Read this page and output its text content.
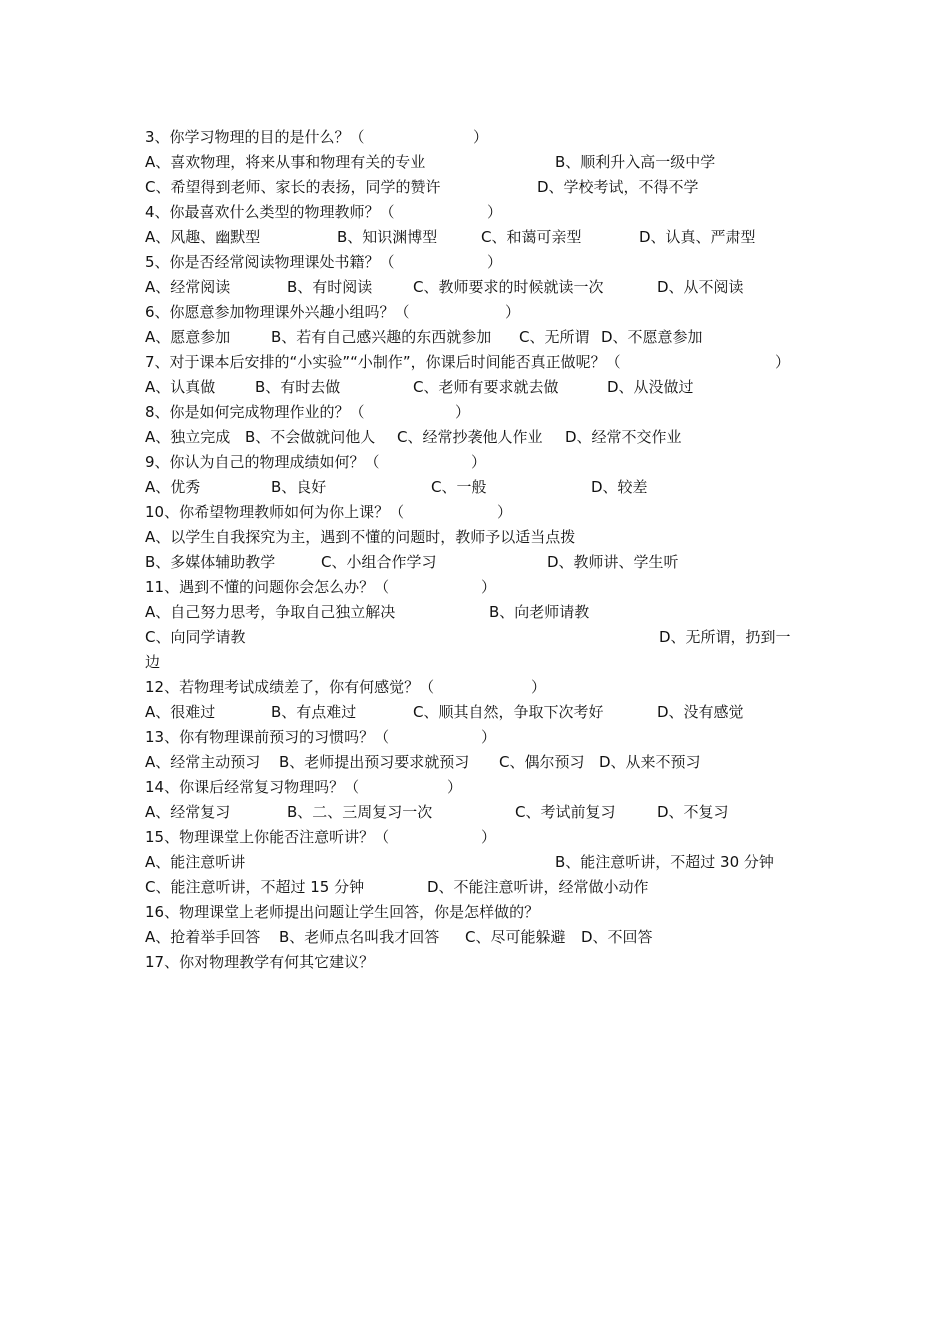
3、你学习物理的目的是什么？（	）
A、喜欢物理，将来从事和物理有关的专业	B、顺利升入高一级中学
C、希望得到老师、家长的表扬，同学的赞许	D、学校考试，不得不学
4、你最喜欢什么类型的物理教师？（	）
A、风趣、幽默型	B、知识渊博型	C、和蔼可亲型	D、认真、严肃型
5、你是否经常阅读物理课处书籍？（	）
A、经常阅读	B、有时阅读	C、教师要求的时候就读一次	D、从不阅读
6、你愿意参加物理课外兴趣小组吗？（	）
A、愿意参加	B、若有自己感兴趣的东西就参加 C、无所谓 D、不愿意参加
7、对于课本后安排的“小实验”“小制作”，你课后时间能否真正做呢？（	）
A、认真做	B、有时去做	C、老师有要求就去做	D、从没做过
8、你是如何完成物理作业的？（	）
A、独立完成 B、不会做就问他人 C、经常抄袭他人作业 D、经常不交作业
9、你认为自己的物理成绩如何？（	）
A、优秀	B、良好	C、一般	D、较差
10、你希望物理教师如何为你上课？（	）
A、以学生自我探究为主，遇到不懂的问题时，教师予以适当点拨
B、多媒体辅助教学	C、小组合作学习	D、教师讲、学生听
11、遇到不懂的问题你会怎么办？（	）
A、自己努力思考，争取自己独立解决	B、向老师请教
C、向同学请教	D、无所谓，扔到一
边
12、若物理考试成绩差了，你有何感觉？（	）
A、很难过	B、有点难过	C、顺其自然，争取下次考好	D、没有感觉
13、你有物理课前预习的习惯吗？（	）
A、经常主动预习 B、老师提出预习要求就预习 C、偶尔预习 D、从来不预习
14、你课后经常复习物理吗？（	）
A、经常复习	B、二、三周复习一次	C、考试前复习	D、不复习
15、物理课堂上你能否注意听讲？（	）
A、能注意听讲	B、能注意听讲，不超过 30 分钟
C、能注意听讲，不超过 15 分钟	D、不能注意听讲，经常做小动作
16、物理课堂上老师提出问题让学生回答，你是怎样做的？
A、抢着举手回答 B、老师点名叫我才回答 C、尽可能躲避 D、不回答
17、你对物理教学有何其它建议？
